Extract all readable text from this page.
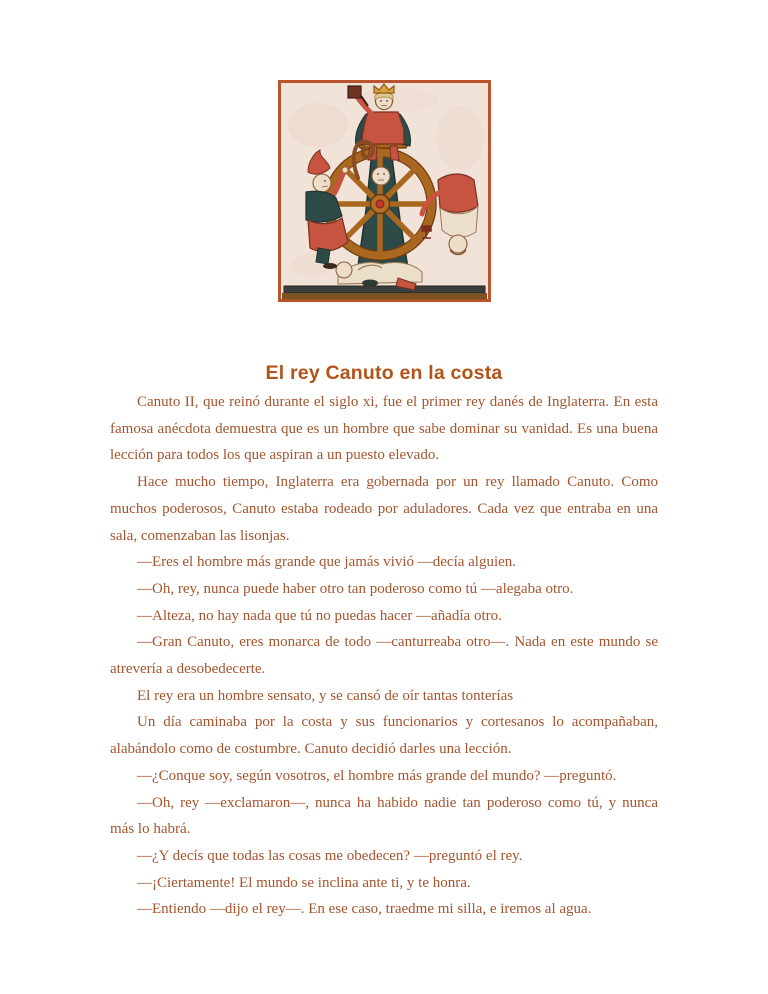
El rey Canuto en la costa

Canuto II, que reinó durante el siglo xi, fue el primer rey danés de Inglaterra. En esta famosa anécdota demuestra que es un hombre que sabe dominar su vanidad. Es una buena lección para todos los que aspiran a un puesto elevado.

Hace mucho tiempo, Inglaterra era gobernada por un rey llamado Canuto. Como muchos poderosos, Canuto estaba rodeado por aduladores. Cada vez que entraba en una sala, comenzaban las lisonjas.

—Eres el hombre más grande que jamás vivió —decía alguien.

—Oh, rey, nunca puede haber otro tan poderoso como tú —alegaba otro.

—Alteza, no hay nada que tú no puedas hacer —añadía otro.

—Gran Canuto, eres monarca de todo —canturreaba otro—. Nada en este mundo se atrevería a desobedecerte.

El rey era un hombre sensato, y se cansó de oír tantas tonterías

Un día caminaba por la costa y sus funcionarios y cortesanos lo acompañaban, alabándolo como de costumbre. Canuto decidió darles una lección.

—¿Conque soy, según vosotros, el hombre más grande del mundo? —preguntó.

—Oh, rey —exclamaron—, nunca ha habido nadie tan poderoso como tú, y nunca más lo habrá.

—¿Y decís que todas las cosas me obedecen? —preguntó el rey.

—¡Ciertamente! El mundo se inclina ante ti, y te honra.

—Entiendo —dijo el rey—. En ese caso, traedme mi silla, e iremos al agua.
